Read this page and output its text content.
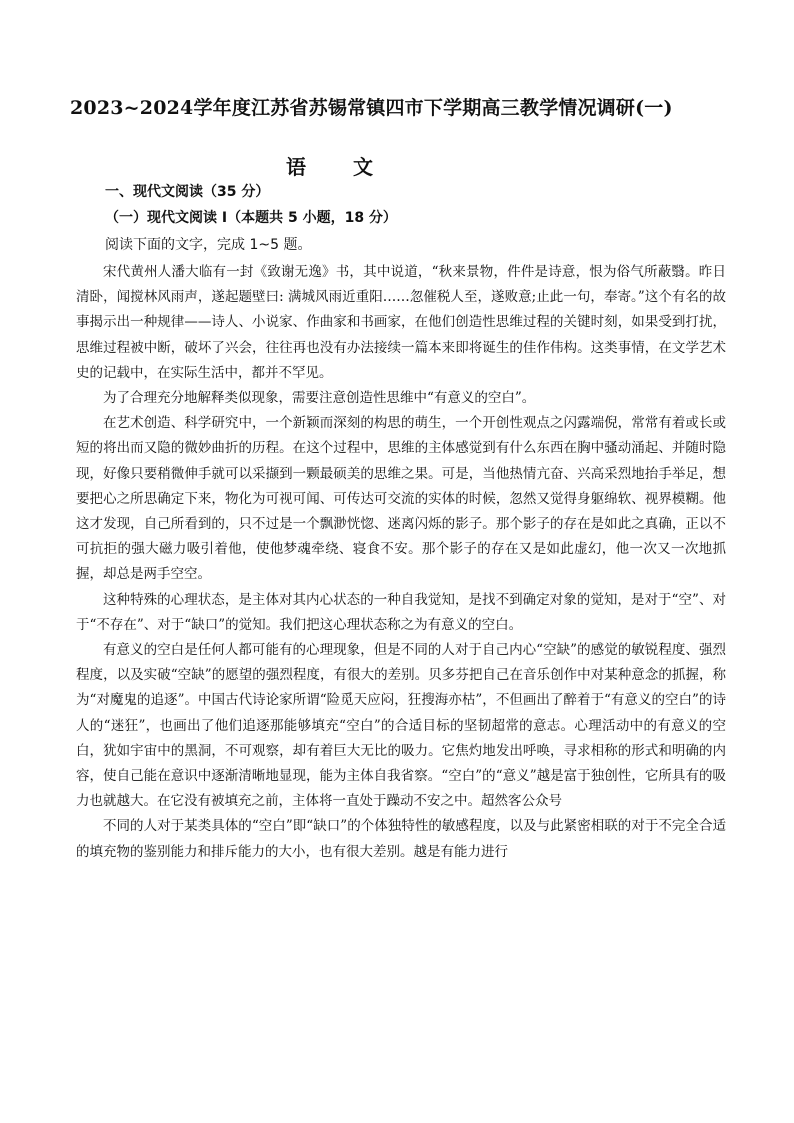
2023~2024学年度江苏省苏锡常镇四市下学期高三教学情况调研(一)
语 文
一、现代文阅读（35 分）
（一）现代文阅读 I（本题共 5 小题，18 分）
阅读下面的文字，完成 1~5 题。

宋代黄州人潘大临有一封《致谢无逸》书，其中说道，“秋来景物，件件是诗意，恨为俗气所蔽翳。昨日清卧，闻搅林风雨声，遂起题壁曰: 满城风雨近重阳……忽催税人至，遂败意;止此一句，奉寄。”这个有名的故事揭示出一种规律——诗人、小说家、作曲家和书画家，在他们创造性思维过程的关键时刻，如果受到打扰，思维过程被中断，破坏了兴会，往往再也没有办法接续一篇本来即将诞生的佳作伟构。这类事情，在文学艺术史的记载中，在实际生活中，都并不罕见。

为了合理充分地解释类似现象，需要注意创造性思维中“有意义的空白”。

在艺术创造、科学研究中，一个新颖而深刻的构思的萌生，一个开创性观点之闪露端倪，常常有着或长或短的将出而又隐的微妙曲折的历程。在这个过程中，思维的主体感觉到有什么东西在胸中骚动涌起、并随时隐现，好像只要稍微伸手就可以采撷到一颗最硕美的思维之果。可是，当他热情亢奋、兴高采烈地抬手举足，想要把心之所思确定下来，物化为可视可闻、可传达可交流的实体的时候，忽然又觉得身躯绵软、视界模糊。他这才发现，自己所看到的，只不过是一个飘渺恍惚、迷离闪烁的影子。那个影子的存在是如此之真确，正以不可抗拒的强大磁力吸引着他，使他梦魂牵绕、寝食不安。那个影子的存在又是如此虚幻，他一次又一次地抓握，却总是两手空空。

这种特殊的心理状态，是主体对其内心状态的一种自我觉知，是找不到确定对象的觉知，是对于“空”、对于“不存在”、对于“缺口”的觉知。我们把这心理状态称之为有意义的空白。

有意义的空白是任何人都可能有的心理现象，但是不同的人对于自己内心“空缺”的感觉的敏锐程度、强烈程度，以及实破“空缺”的愿望的强烈程度，有很大的差别。贝多芬把自己在音乐创作中对某种意念的抓握，称为“对魔鬼的追逐”。中国古代诗论家所谓“险觅天应闷，狂搜海亦枯”，不但画出了醉着于“有意义的空白”的诗人的“迷狂”，也画出了他们追逐那能够填充“空白”的合适目标的坚韧超常的意志。心理活动中的有意义的空白，犹如宇宙中的黑洞，不可观察，却有着巨大无比的吸力。它焦灼地发出呼唤，寻求相称的形式和明确的内容，使自己能在意识中逐渐清晰地显现，能为主体自我省察。“空白”的“意义”越是富于独创性，它所具有的吸力也就越大。在它没有被填充之前，主体将一直处于躁动不安之中。超然客公众号

不同的人对于某类具体的“空白”即“缺口”的个体独特性的敏感程度，以及与此紧密相联的对于不完全合适的填充物的鉴别能力和排斥能力的大小，也有很大差别。越是有能力进行
